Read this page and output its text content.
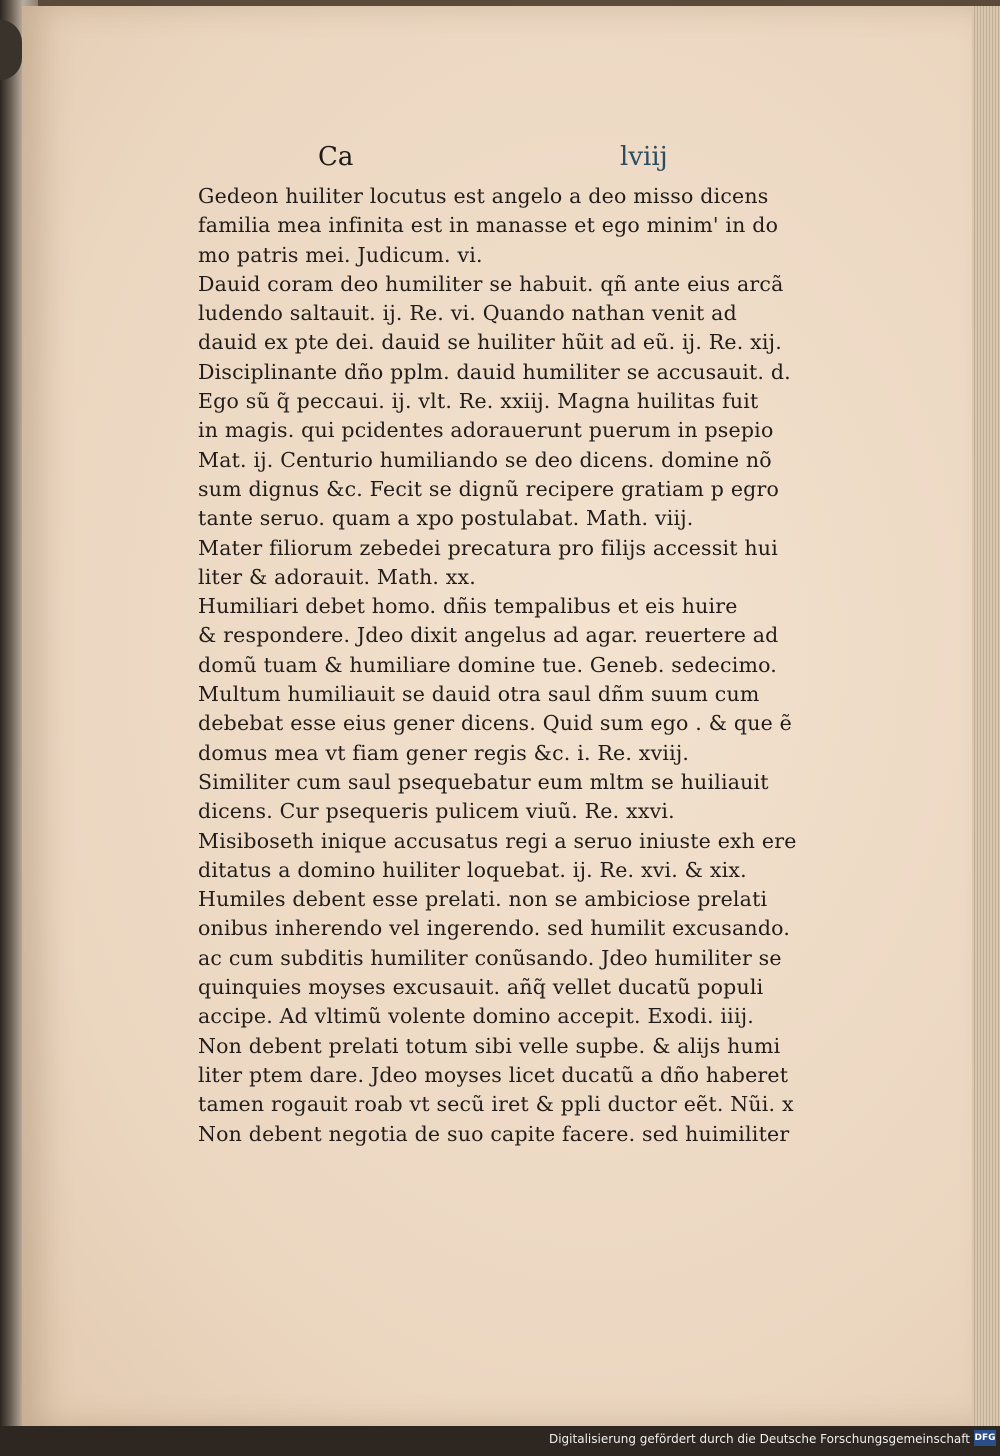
Ca	lviij
Gedeon huiliter locutus est angelo a deo misso dicens
familia mea infinita est in manasse et ego minim' in do
mo patris mei. Judicum. vi.
Dauid coram deo humiliter se habuit. qñ ante eius arcã
ludendo saltauit. ij. Re. vi. Quando nathan venit ad
dauid ex pte dei. dauid se huiliter hũit ad eũ. ij. Re. xij.
Disciplinante dño pplm. dauid humiliter se accusauit. d.
Ego sũ q̃ peccaui. ij. vlt. Re. xxiij. Magna huilitas fuit
in magis. qui pcidentes adorauerunt puerum in psepio
Mat. ij. Centurio humiliando se deo dicens. domine nõ
sum dignus &c. Fecit se dignũ recipere gratiam p egro
tante seruo. quam a xpo postulabat. Math. viij.
Mater filiorum zebedei precatura pro filijs accessit hui
liter & adorauit. Math. xx.
Humiliari debet homo. dñis tempalibus et eis huire
& respondere. Jdeo dixit angelus ad agar. reuertere ad
domũ tuam & humiliare domine tue. Geneb. sedecimo.
Multum humiliauit se dauid otra saul dñm suum cum
debebat esse eius gener dicens. Quid sum ego . & que ẽ
domus mea vt fiam gener regis &c. i. Re. xviij.
Similiter cum saul psequebatur eum mltm se huiliauit
dicens. Cur psequeris pulicem viuũ. Re. xxvi.
Misiboseth inique accusatus regi a seruo iniuste exh ere
ditatus a domino huiliter loquebat. ij. Re. xvi. & xix.
Humiles debent esse prelati. non se ambiciose prelati
onibus inherendo vel ingerendo. sed humilit excusando.
ac cum subditis humiliter conũsando. Jdeo humiliter se
quinquies moyses excusauit. añq̃ vellet ducatũ populi
accipe. Ad vltimũ volente domino accepit. Exodi. iiij.
Non debent prelati totum sibi velle supbe. & alijs humi
liter ptem dare. Jdeo moyses licet ducatũ a dño haberet
tamen rogauit roab vt secũ iret & ppli ductor eẽt. Nũi. x
Non debent negotia de suo capite facere. sed huimiliter
Digitalisierung gefördert durch die Deutsche Forschungsgemeinschaft DFG
